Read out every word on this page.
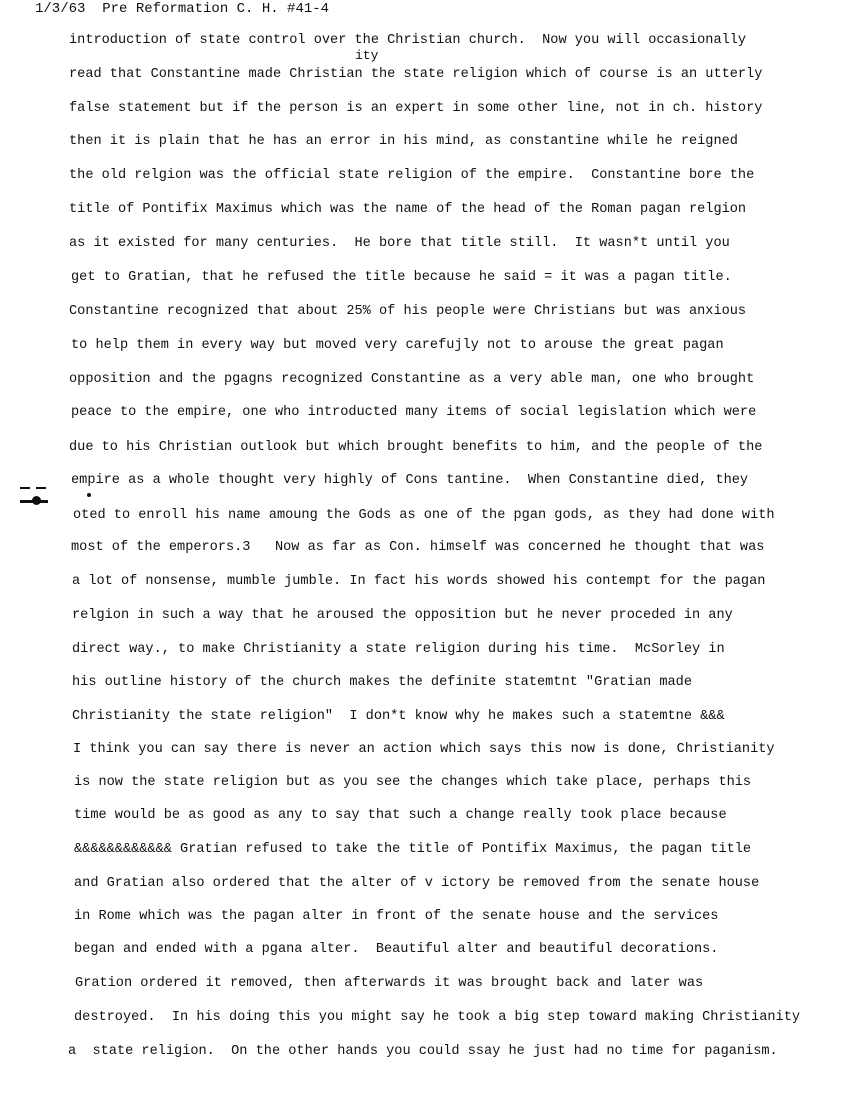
1/3/63  Pre Reformation C. H. #41-4
ity
introduction of state control over the Christian church.  Now you will occasionally
read that Constantine made Christian the state religion which of course is an utterly
false statement but if the person is an expert in some other line, not in ch. history
then it is plain that he has an error in his mind, as constantine while he reigned
the old relgion was the official state religion of the empire.  Constantine bore the
title of Pontifix Maximus which was the name of the head of the Roman pagan relgion
as it existed for many centuries.  He bore that title still.  It wasn*t until you
get to Gratian, that he refused the title because he said = it was a pagan title.
Constantine recognized that about 25% of his people were Christians but was anxious
to help them in every way but moved very carefujly not to arouse the great pagan
opposition and the pgagns recognized Constantine as a very able man, one who brought
peace to the empire, one who introducted many items of social legislation which were
due to his Christian outlook but which brought benefits to him, and the people of the
empire as a whole thought very highly of Cons tantine.  When Constantine died, they
oted to enroll his name amoung the Gods as one of the pgan gods, as they had done with
most of the emperors.3   Now as far as Con. himself was concerned he thought that was
a lot of nonsense, mumble jumble. In fact his words showed his contempt for the pagan
relgion in such a way that he aroused the opposition but he never proceded in any
direct way., to make Christianity a state religion during his time.  McSorley in
his outline history of the church makes the definite statemtnt "Gratian made
Christianity the state religion"  I don*t know why he makes such a statemtne &&&
I think you can say there is never an action which says this now is done, Christianity
is now the state religion but as you see the changes which take place, perhaps this
time would be as good as any to say that such a change really took place because
&&&&&&&&&&&& Gratian refused to take the title of Pontifix Maximus, the pagan title
and Gratian also ordered that the alter of v ictory be removed from the senate house
in Rome which was the pagan alter in front of the senate house and the services
began and ended with a pgana alter.  Beautiful alter and beautiful decorations.
Gration ordered it removed, then afterwards it was brought back and later was
destroyed.  In his doing this you might say he took a big step toward making Christianity
a  state religion.  On the other hands you could ssay he just had no time for paganism.
